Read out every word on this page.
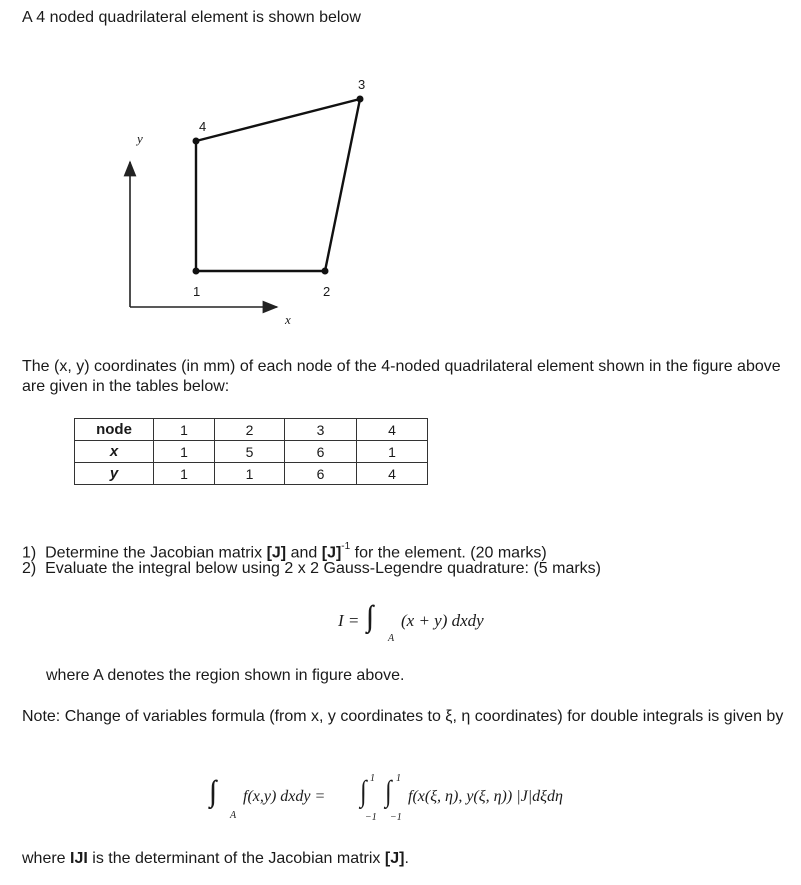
A 4 noded quadrilateral element is shown below
y
x
1	2
3
4
The (x, y) coordinates (in mm) of each node of the 4-noded quadrilateral element shown in the figure above are given in the tables below:
node	1	2	3	4
x	1	5	6	1
y	1	1	6	4
1) Determine the Jacobian matrix [J] and $[J]^{-1}$ for the element. (20 marks)
2) Evaluate the integral below using 2 x 2 Gauss-Legendre quadrature: (5 marks)
I =
A
(x + y) dxdy
where A denotes the region shown in figure above.
Note: Change of variables formula (from x, y coordinates to ξ, η coordinates) for double integrals is given by
A
f(x,y) dxdy =
1
−1
1
−1
f(x(ξ, η), y(ξ, η)) |J|dξdη
where IJI is the determinant of the Jacobian matrix [J].
